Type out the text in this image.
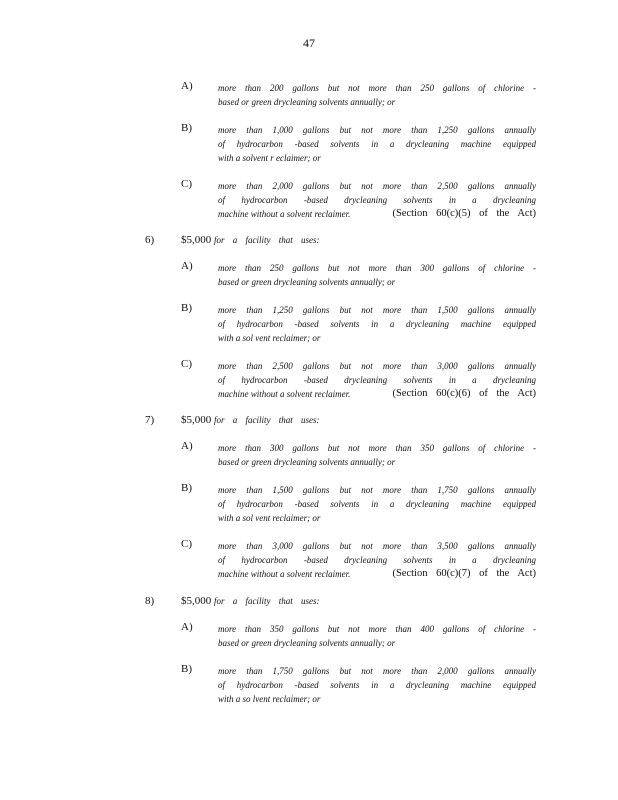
47
A)	more than 200 gallons but not more than 250 gallons of chlorine -
based or green drycleaning solvents annually; or
B)	more than 1,000 gallons but not more than 1,250 gallons annually
of hydrocarbon -based solvents in a drycleaning machine equipped
with a solvent r eclaimer; or
C)	more than 2,000 gallons but not more than 2,500 gallons annually
of hydrocarbon -based drycleaning solvents in a drycleaning
machine without a solvent reclaimer.	(Section 60(c)(5) of the Act)
6) $5,000 for a facility that uses:
A)	more than 250 gallons but not more than 300 gallons of chlorine -
based or green drycleaning solvents annually; or
B)	more than 1,250 gallons but not more than 1,500 gallons annually
of hydrocarbon -based solvents in a drycleaning machine equipped
with a sol vent reclaimer; or
C)	more than 2,500 gallons but not more than 3,000 gallons annually
of hydrocarbon -based drycleaning solvents in a drycleaning
machine without a solvent reclaimer.	(Section 60(c)(6) of the Act)
7) $5,000 for a facility that uses:
A)	more than 300 gallons but not more than 350 gallons of chlorine -
based or green drycleaning solvents annually; or
B)	more than 1,500 gallons but not more than 1,750 gallons annually
of hydrocarbon -based solvents in a drycleaning machine equipped
with a sol vent reclaimer; or
C)	more than 3,000 gallons but not more than 3,500 gallons annually
of hydrocarbon -based drycleaning solvents in a drycleaning
machine without a solvent reclaimer.	(Section 60(c)(7) of the Act)
8) $5,000 for a facility that uses:
A)	more than 350 gallons but not more than 400 gallons of chlorine -
based or green drycleaning solvents annually; or
B)	more than 1,750 gallons but not more than 2,000 gallons annually
of hydrocarbon -based solvents in a drycleaning machine equipped
with a so lvent reclaimer; or
